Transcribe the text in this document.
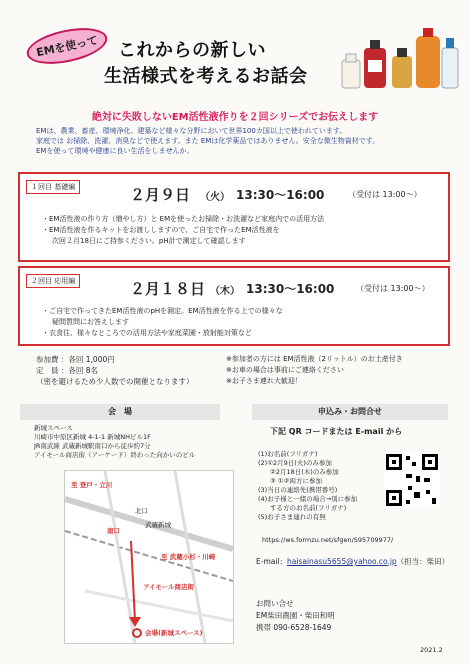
EMを使って これからの新しい
生活様式を考えるお話会
絶対に失敗しないEM活性液作りを２回シリーズでお伝えします
EMは、農業、畜産、環境浄化、建築など様々な分野において世界100カ国以上で使われています。
家庭では お掃除、洗濯、消臭などで使えます。また EMは化学薬品ではありません。安全な微生物資材です。
EMを使って環境や健康に良い生活をしませんか。
１回目 基礎編	２月９日 （火） 13:30〜16:00	（受付は 13:00〜）
・EM活性液の作り方（増やし方）と EMを使ったお掃除・お洗濯など家庭内での活用方法
・EM活性液を作るキットをお渡ししますので、ご自宅で作ったEM活性液を
次回２月18日にご持参ください。pH計で測定して確認します
２回目 応用編	２月１８日 （木） 13:30〜16:00	（受付は 13:00〜）
・ご自宅で作ってきたEM活性液のpHを測定。EM活性液を作る上での様々な
疑問質問にお答えします
・衣食住、様々なところでの活用方法や家庭菜園・放射能対策など
参加費 ：各回 1,000円
定　員 ：各回 8名
（密を避けるため少人数での開催となります）
※参加者の方には EM活性液（2リットル）のお土産付き
※お車の場合は事前にご連絡ください
※お子さま連れ大歓迎！
会　場
新城スペース
川崎市中原区新城 4-1-1 新城NHビル1F
JR南武線 武蔵新城駅南口から徒歩約7分
アイモール商店街（アーケード）終わった向かいのビル
至 登戸・立川
北口
武蔵新城
南口
至 武蔵小杉・川崎
アイモール商店街
会場(新城スペース)
申込み・お問合せ
下記 QR コードまたは E-mail から
(1)お名前(フリガナ)
(2)①2月9日(火)のみ参加
②2月18日(木)のみ参加
③ ①②両方に参加
(3)当日の連絡先(携帯番号)
(4)お子様と一緒の場合→別に参加
する方のお名前(フリガナ)
(5)お子さま連れの有無
https://ws.formzu.net/sfgen/S95709977/
E-mail：haisainasu5655@yahoo.co.jp（担当：柴田）
お問い合せ
EM柴田農園・柴田和明
携帯 090-6528-1649
2021.2
